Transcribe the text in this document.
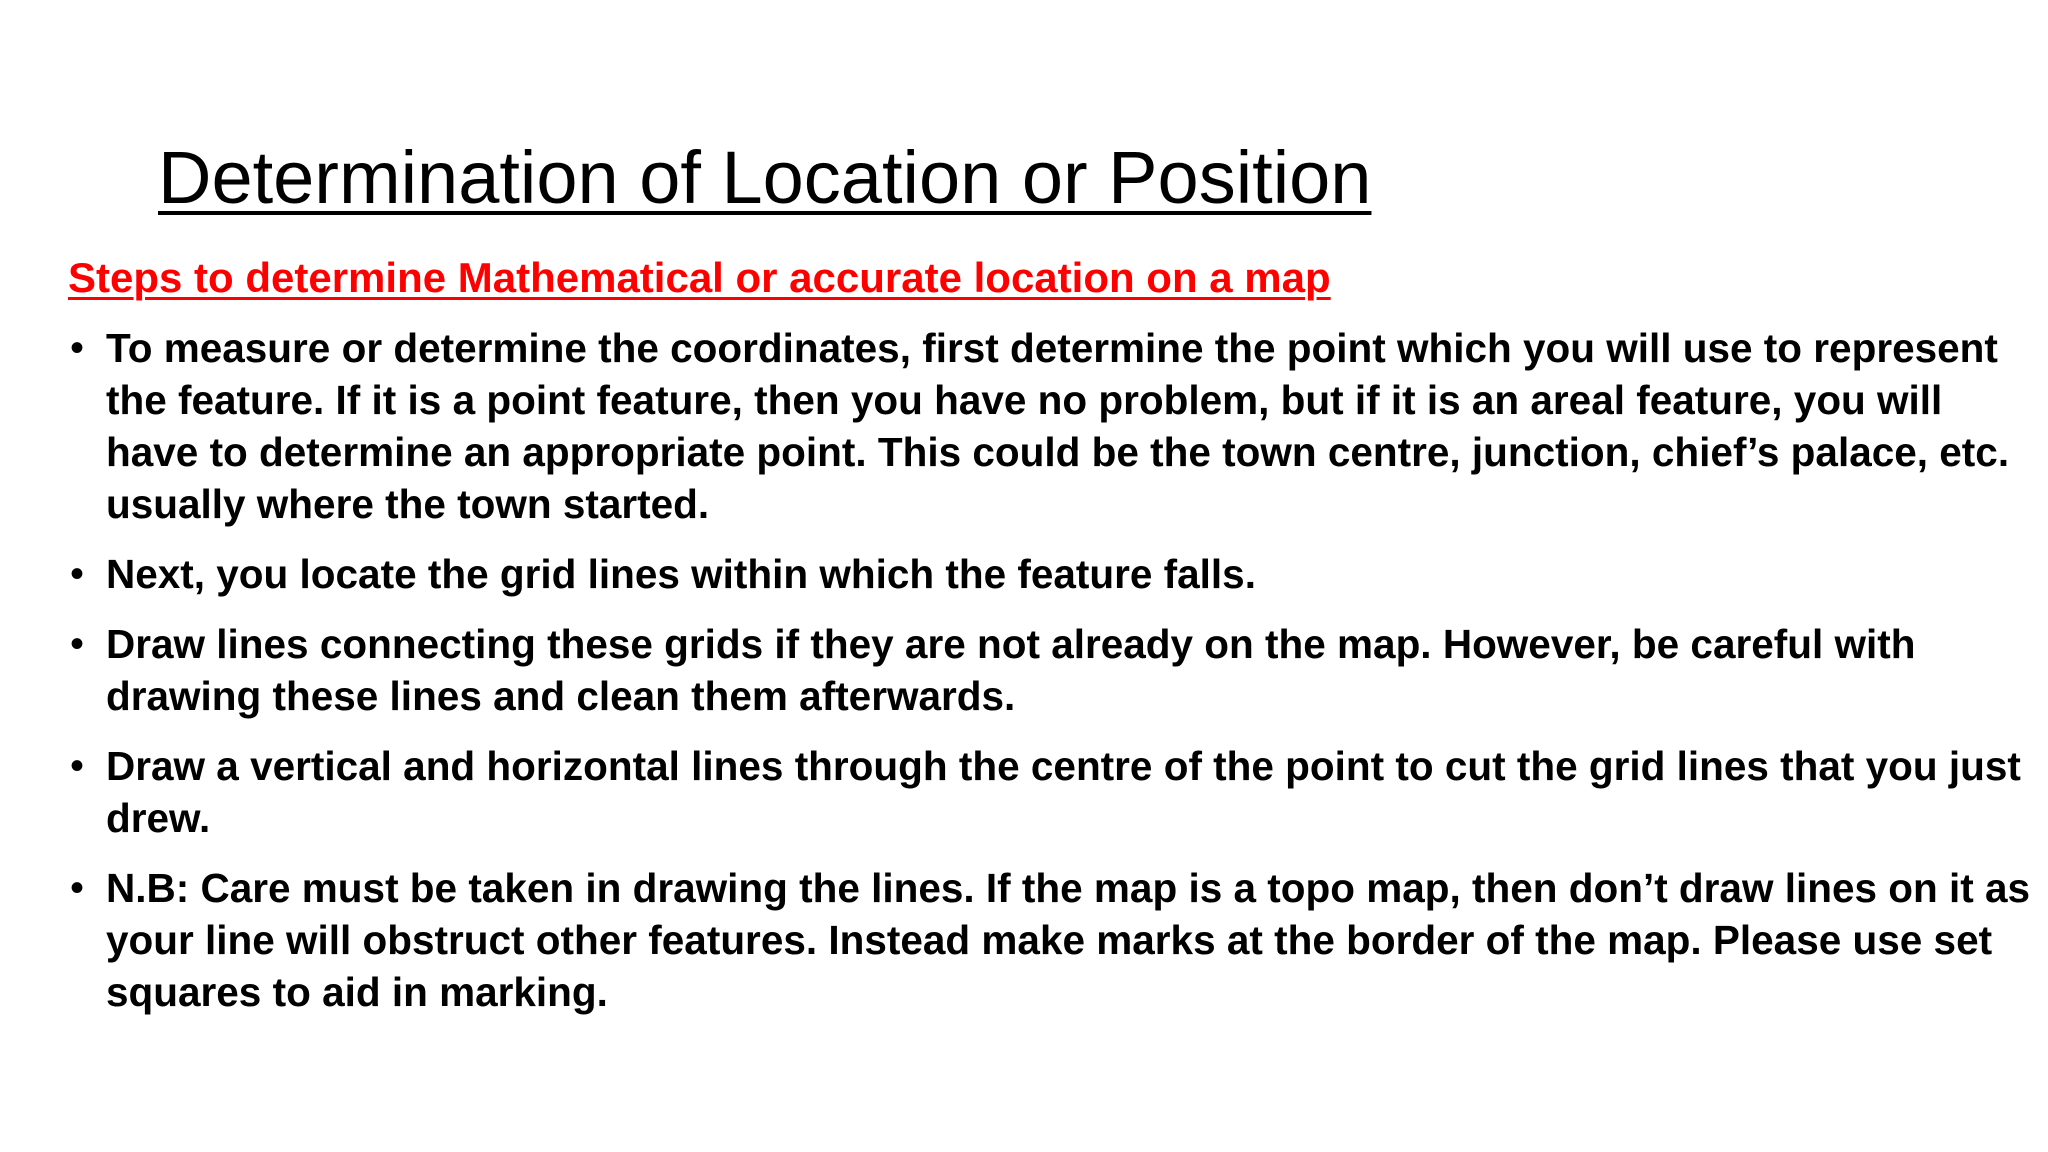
Determination of Location or Position
Steps to determine Mathematical or accurate location on a map
• To measure or determine the coordinates, first determine the point which you will use to represent the feature. If it is a point feature, then you have no problem, but if it is an areal feature, you will have to determine an appropriate point. This could be the town centre, junction, chief’s palace, etc. usually where the town started.
• Next, you locate the grid lines within which the feature falls.
• Draw lines connecting these grids if they are not already on the map. However, be careful with drawing these lines and clean them afterwards.
• Draw a vertical and horizontal lines through the centre of the point to cut the grid lines that you just drew.
• N.B: Care must be taken in drawing the lines. If the map is a topo map, then don’t draw lines on it as your line will obstruct other features. Instead make marks at the border of the map. Please use set squares to aid in marking.
